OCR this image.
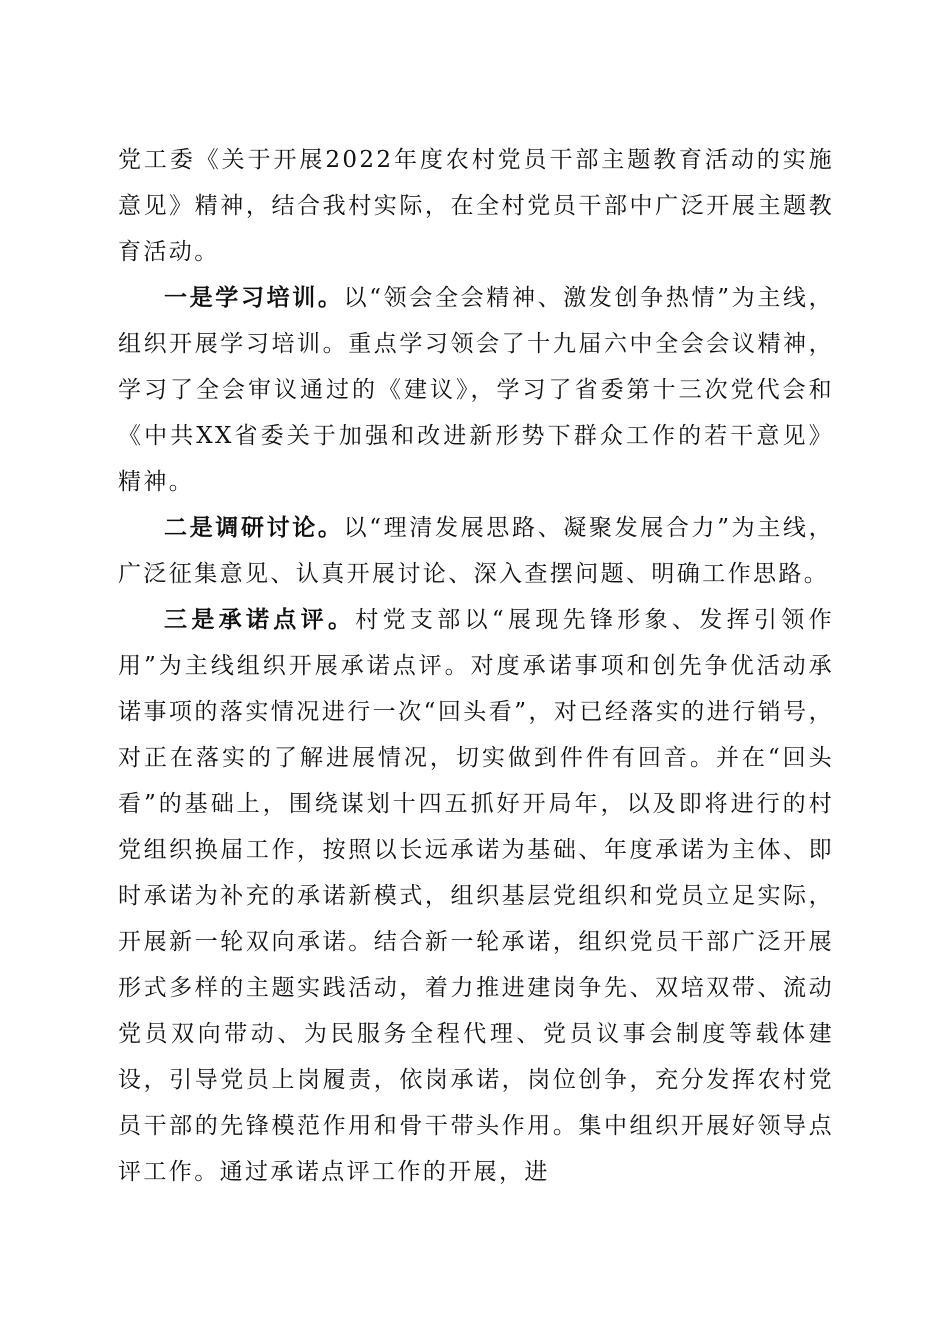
党工委《关于开展2022年度农村党员干部主题教育活动的实施意见》精神，结合我村实际，在全村党员干部中广泛开展主题教育活动。

一是学习培训。以“领会全会精神、激发创争热情”为主线，组织开展学习培训。重点学习领会了十九届六中全会会议精神，学习了全会审议通过的《建议》，学习了省委第十三次党代会和《中共XX省委关于加强和改进新形势下群众工作的若干意见》精神。

二是调研讨论。以“理清发展思路、凝聚发展合力”为主线，广泛征集意见、认真开展讨论、深入查摆问题、明确工作思路。

三是承诺点评。村党支部以“展现先锋形象、发挥引领作用”为主线组织开展承诺点评。对度承诺事项和创先争优活动承诺事项的落实情况进行一次“回头看”，对已经落实的进行销号，对正在落实的了解进展情况，切实做到件件有回音。并在“回头看”的基础上，围绕谋划十四五抓好开局年，以及即将进行的村党组织换届工作，按照以长远承诺为基础、年度承诺为主体、即时承诺为补充的承诺新模式，组织基层党组织和党员立足实际，开展新一轮双向承诺。结合新一轮承诺，组织党员干部广泛开展形式多样的主题实践活动，着力推进建岗争先、双培双带、流动党员双向带动、为民服务全程代理、党员议事会制度等载体建设，引导党员上岗履责，依岗承诺，岗位创争，充分发挥农村党员干部的先锋模范作用和骨干带头作用。集中组织开展好领导点评工作。通过承诺点评工作的开展，进
